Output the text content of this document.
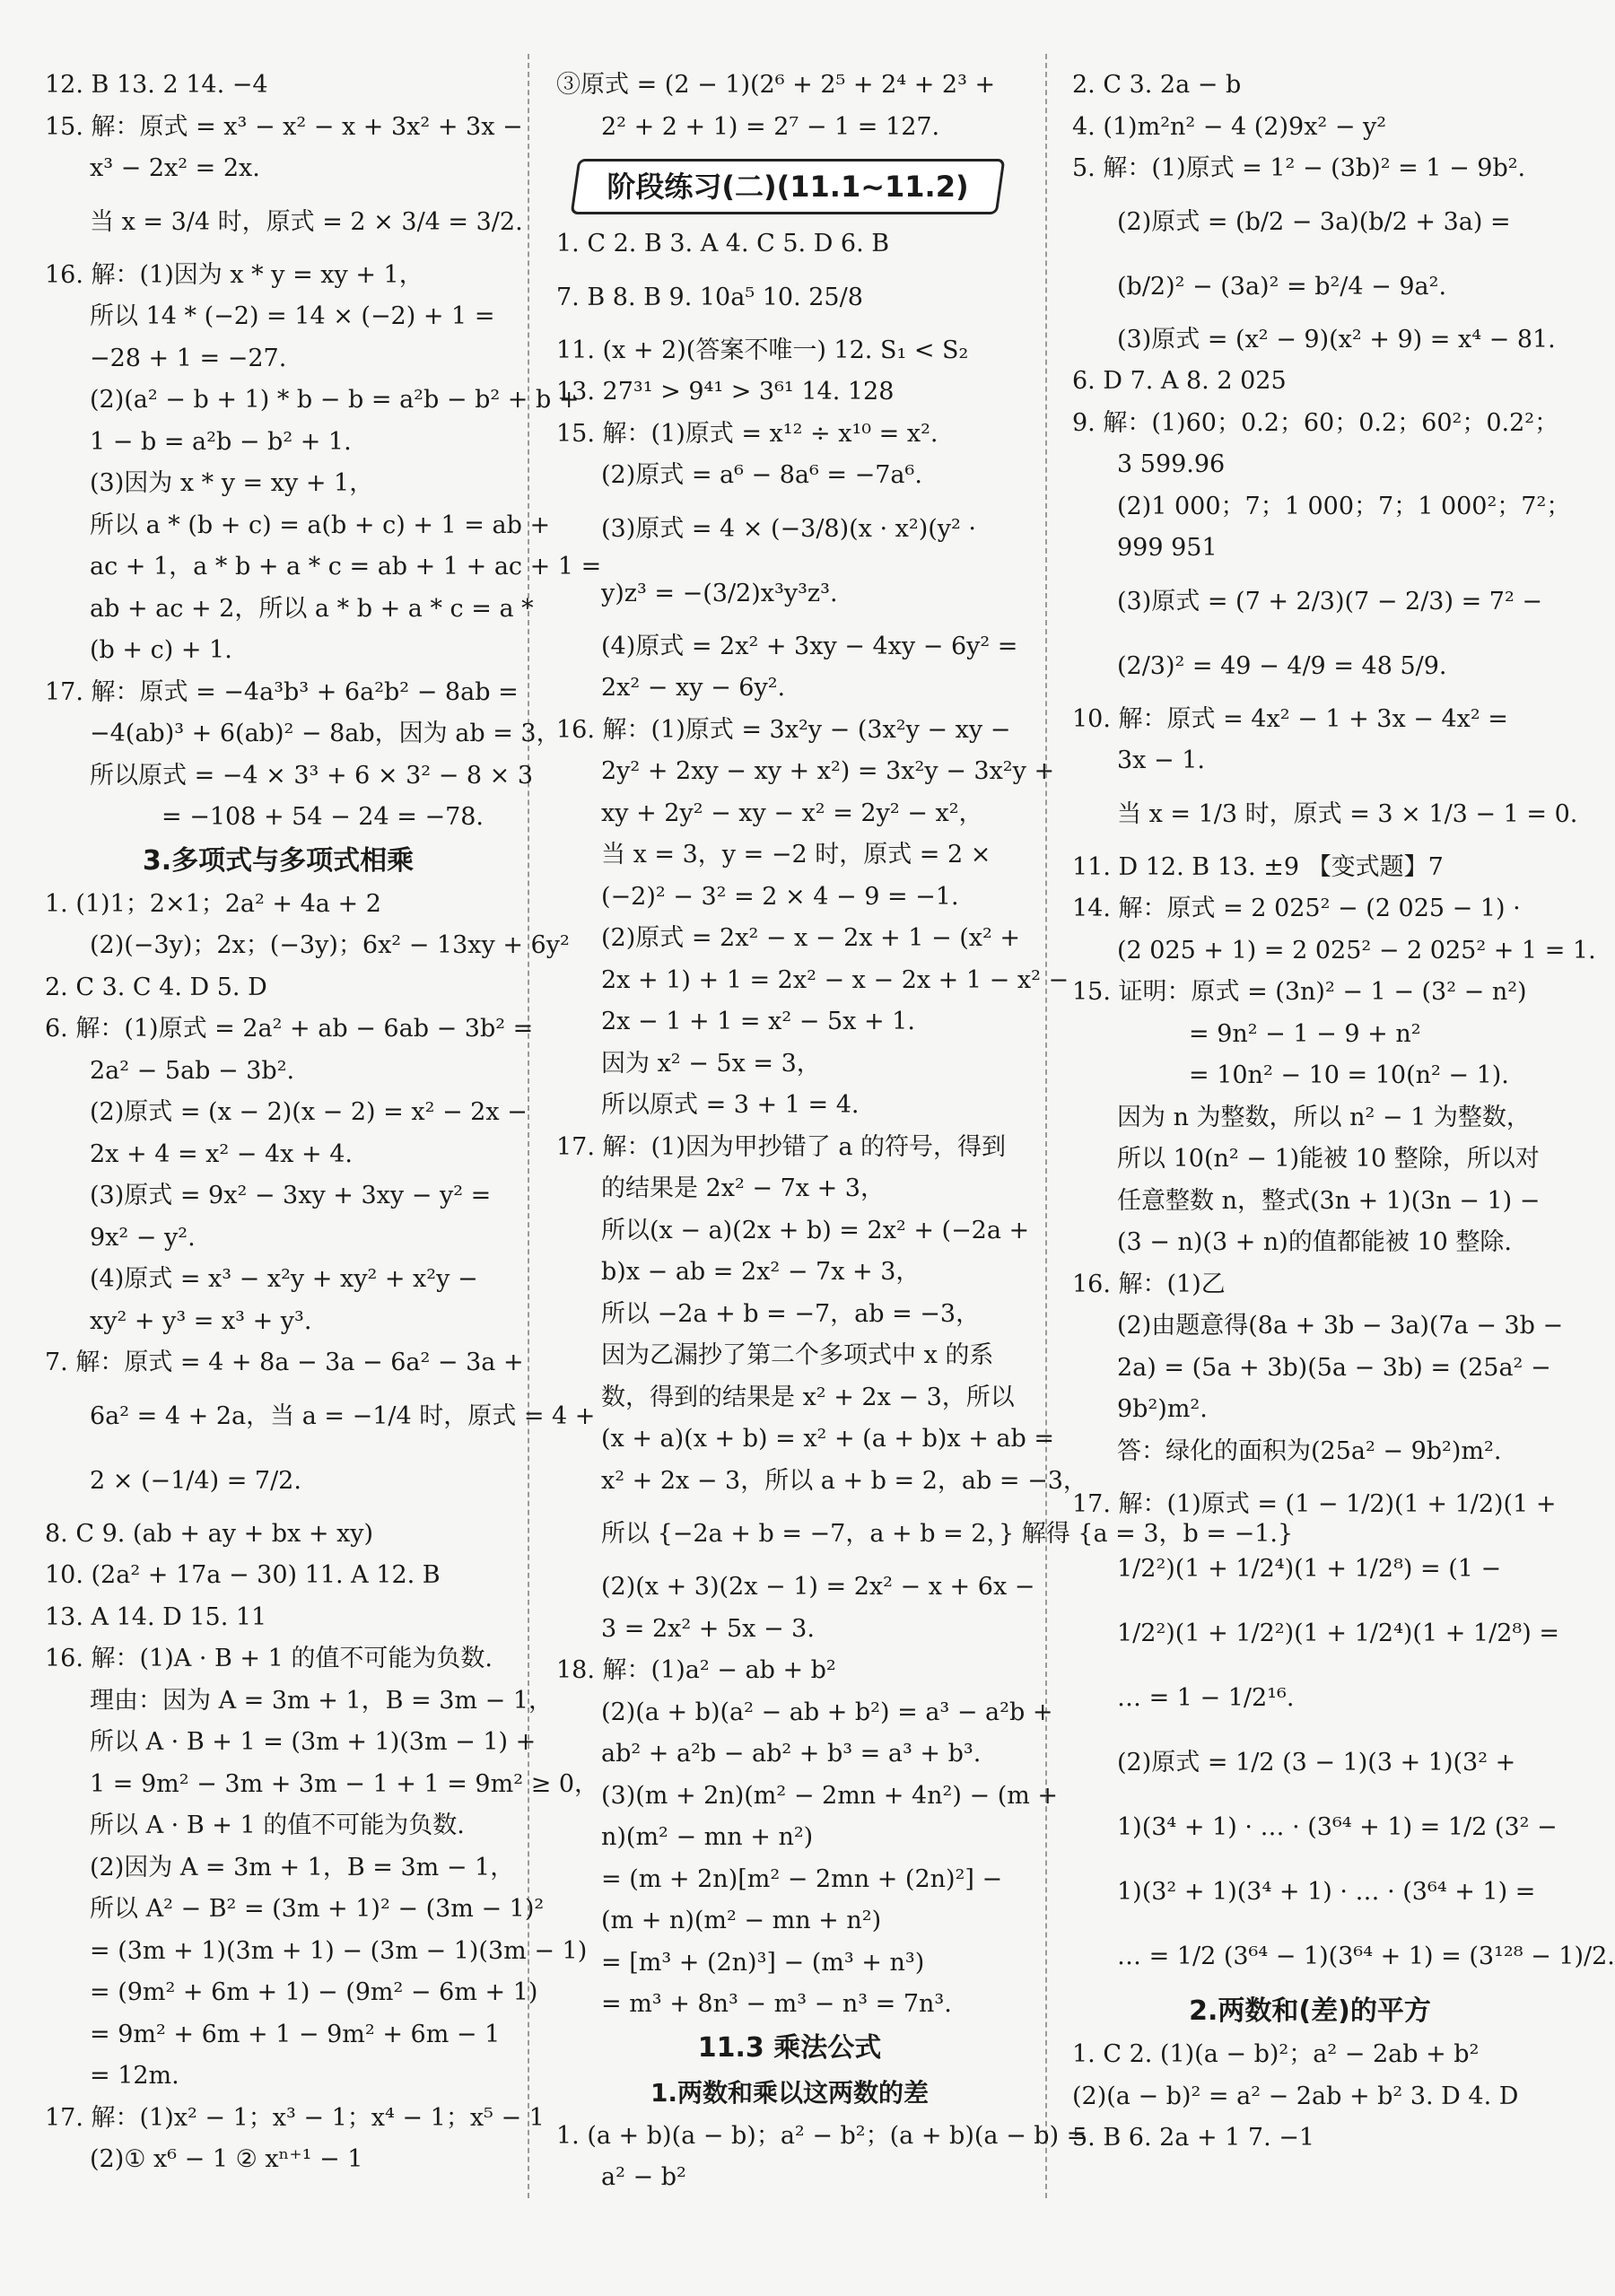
12. B 13. 2 14. −4
15. 解：原式 = x³ − x² − x + 3x² + 3x −
x³ − 2x² = 2x.
当 x = 3/4 时，原式 = 2 × 3/4 = 3/2.
16. 解：(1)因为 x * y = xy + 1，
所以 14 * (−2) = 14 × (−2) + 1 =
−28 + 1 = −27.
(2)(a² − b + 1) * b − b = a²b − b² + b +
1 − b = a²b − b² + 1.
(3)因为 x * y = xy + 1，
所以 a * (b + c) = a(b + c) + 1 = ab +
ac + 1，a * b + a * c = ab + 1 + ac + 1 =
ab + ac + 2，所以 a * b + a * c = a *
(b + c) + 1.
17. 解：原式 = −4a³b³ + 6a²b² − 8ab =
−4(ab)³ + 6(ab)² − 8ab，因为 ab = 3，
所以原式 = −4 × 3³ + 6 × 3² − 8 × 3
= −108 + 54 − 24 = −78.
3.多项式与多项式相乘
1. (1)1；2×1；2a² + 4a + 2
(2)(−3y)；2x；(−3y)；6x² − 13xy + 6y²
2. C 3. C 4. D 5. D
6. 解：(1)原式 = 2a² + ab − 6ab − 3b² =
2a² − 5ab − 3b².
(2)原式 = (x − 2)(x − 2) = x² − 2x −
2x + 4 = x² − 4x + 4.
(3)原式 = 9x² − 3xy + 3xy − y² =
9x² − y².
(4)原式 = x³ − x²y + xy² + x²y −
xy² + y³ = x³ + y³.
7. 解：原式 = 4 + 8a − 3a − 6a² − 3a +
6a² = 4 + 2a，当 a = −1/4 时，原式 = 4 +
2 × (−1/4) = 7/2.
8. C 9. (ab + ay + bx + xy)
10. (2a² + 17a − 30) 11. A 12. B
13. A 14. D 15. 11
16. 解：(1)A · B + 1 的值不可能为负数.
理由：因为 A = 3m + 1，B = 3m − 1，
所以 A · B + 1 = (3m + 1)(3m − 1) +
1 = 9m² − 3m + 3m − 1 + 1 = 9m² ≥ 0，
所以 A · B + 1 的值不可能为负数.
(2)因为 A = 3m + 1，B = 3m − 1，
所以 A² − B² = (3m + 1)² − (3m − 1)²
= (3m + 1)(3m + 1) − (3m − 1)(3m − 1)
= (9m² + 6m + 1) − (9m² − 6m + 1)
= 9m² + 6m + 1 − 9m² + 6m − 1
= 12m.
17. 解：(1)x² − 1；x³ − 1；x⁴ − 1；x⁵ − 1
(2)① x⁶ − 1 ② xⁿ⁺¹ − 1
③原式 = (2 − 1)(2⁶ + 2⁵ + 2⁴ + 2³ +
2² + 2 + 1) = 2⁷ − 1 = 127.
阶段练习(二)(11.1~11.2)
1. C 2. B 3. A 4. C 5. D 6. B
7. B 8. B 9. 10a⁵ 10. 25/8
11. (x + 2)(答案不唯一) 12. S₁ < S₂
13. 27³¹ > 9⁴¹ > 3⁶¹ 14. 128
15. 解：(1)原式 = x¹² ÷ x¹⁰ = x².
(2)原式 = a⁶ − 8a⁶ = −7a⁶.
(3)原式 = 4 × (−3/8)(x · x²)(y² ·
y)z³ = −(3/2)x³y³z³.
(4)原式 = 2x² + 3xy − 4xy − 6y² =
2x² − xy − 6y².
16. 解：(1)原式 = 3x²y − (3x²y − xy −
2y² + 2xy − xy + x²) = 3x²y − 3x²y +
xy + 2y² − xy − x² = 2y² − x²，
当 x = 3，y = −2 时，原式 = 2 ×
(−2)² − 3² = 2 × 4 − 9 = −1.
(2)原式 = 2x² − x − 2x + 1 − (x² +
2x + 1) + 1 = 2x² − x − 2x + 1 − x² −
2x − 1 + 1 = x² − 5x + 1.
因为 x² − 5x = 3，
所以原式 = 3 + 1 = 4.
17. 解：(1)因为甲抄错了 a 的符号，得到
的结果是 2x² − 7x + 3，
所以(x − a)(2x + b) = 2x² + (−2a +
b)x − ab = 2x² − 7x + 3，
所以 −2a + b = −7，ab = −3，
因为乙漏抄了第二个多项式中 x 的系
数，得到的结果是 x² + 2x − 3，所以
(x + a)(x + b) = x² + (a + b)x + ab =
x² + 2x − 3，所以 a + b = 2，ab = −3，
所以 {−2a + b = −7，a + b = 2，} 解得 {a = 3，b = −1.}
(2)(x + 3)(2x − 1) = 2x² − x + 6x −
3 = 2x² + 5x − 3.
18. 解：(1)a² − ab + b²
(2)(a + b)(a² − ab + b²) = a³ − a²b +
ab² + a²b − ab² + b³ = a³ + b³.
(3)(m + 2n)(m² − 2mn + 4n²) − (m +
n)(m² − mn + n²)
= (m + 2n)[m² − 2mn + (2n)²] −
(m + n)(m² − mn + n²)
= [m³ + (2n)³] − (m³ + n³)
= m³ + 8n³ − m³ − n³ = 7n³.
11.3 乘法公式
1.两数和乘以这两数的差
1. (a + b)(a − b)；a² − b²；(a + b)(a − b) =
a² − b²
2. C 3. 2a − b
4. (1)m²n² − 4 (2)9x² − y²
5. 解：(1)原式 = 1² − (3b)² = 1 − 9b².
(2)原式 = (b/2 − 3a)(b/2 + 3a) =
(b/2)² − (3a)² = b²/4 − 9a².
(3)原式 = (x² − 9)(x² + 9) = x⁴ − 81.
6. D 7. A 8. 2 025
9. 解：(1)60；0.2；60；0.2；60²；0.2²；
3 599.96
(2)1 000；7；1 000；7；1 000²；7²；
999 951
(3)原式 = (7 + 2/3)(7 − 2/3) = 7² −
(2/3)² = 49 − 4/9 = 48 5/9.
10. 解：原式 = 4x² − 1 + 3x − 4x² =
3x − 1.
当 x = 1/3 时，原式 = 3 × 1/3 − 1 = 0.
11. D 12. B 13. ±9 【变式题】7
14. 解：原式 = 2 025² − (2 025 − 1) ·
(2 025 + 1) = 2 025² − 2 025² + 1 = 1.
15. 证明：原式 = (3n)² − 1 − (3² − n²)
= 9n² − 1 − 9 + n²
= 10n² − 10 = 10(n² − 1).
因为 n 为整数，所以 n² − 1 为整数，
所以 10(n² − 1)能被 10 整除，所以对
任意整数 n，整式(3n + 1)(3n − 1) −
(3 − n)(3 + n)的值都能被 10 整除.
16. 解：(1)乙
(2)由题意得(8a + 3b − 3a)(7a − 3b −
2a) = (5a + 3b)(5a − 3b) = (25a² −
9b²)m².
答：绿化的面积为(25a² − 9b²)m².
17. 解：(1)原式 = (1 − 1/2)(1 + 1/2)(1 +
1/2²)(1 + 1/2⁴)(1 + 1/2⁸) = (1 −
1/2²)(1 + 1/2²)(1 + 1/2⁴)(1 + 1/2⁸) =
… = 1 − 1/2¹⁶.
(2)原式 = 1/2 (3 − 1)(3 + 1)(3² +
1)(3⁴ + 1) · … · (3⁶⁴ + 1) = 1/2 (3² −
1)(3² + 1)(3⁴ + 1) · … · (3⁶⁴ + 1) =
… = 1/2 (3⁶⁴ − 1)(3⁶⁴ + 1) = (3¹²⁸ − 1)/2.
2.两数和(差)的平方
1. C 2. (1)(a − b)²；a² − 2ab + b²
(2)(a − b)² = a² − 2ab + b² 3. D 4. D
5. B 6. 2a + 1 7. −1
